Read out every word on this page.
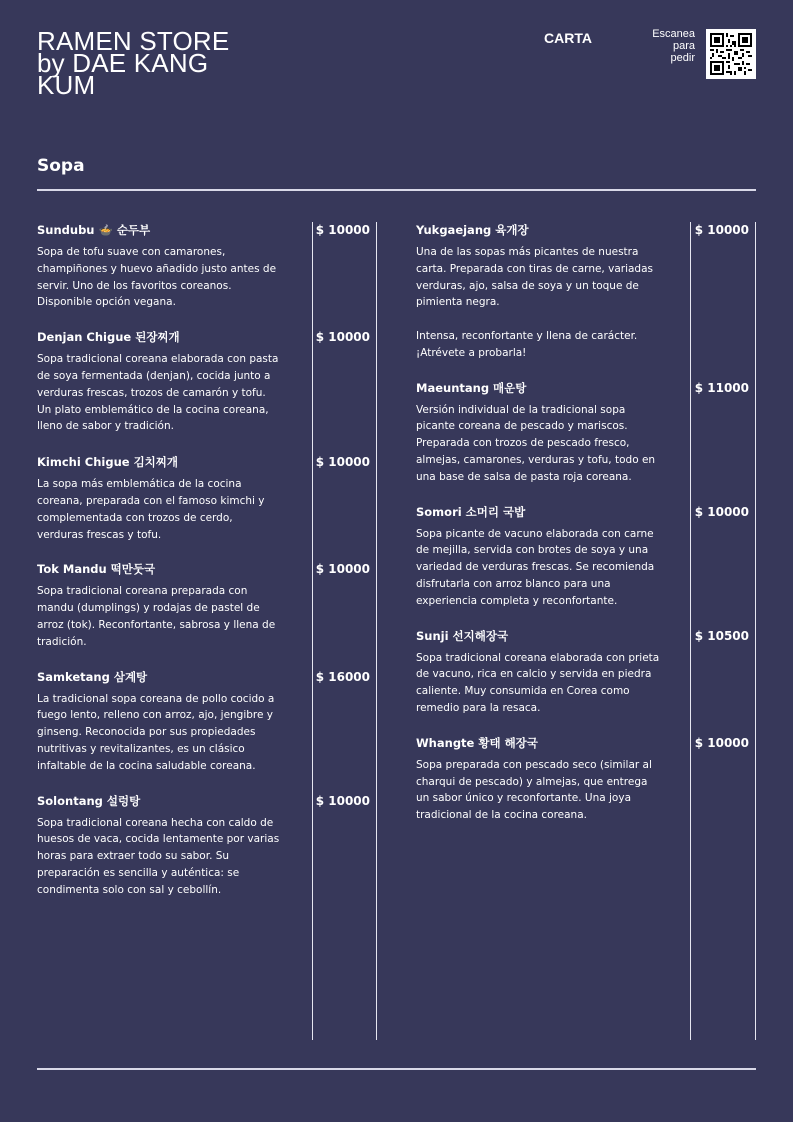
RAMEN STORE
by DAE KANG
KUM
CARTA	Escanea
para
pedir
Sopa
Sundubu 🍲 순두부	$ 10000
Sopa de tofu suave con camarones, champiñones y huevo añadido justo antes de servir. Uno de los favoritos coreanos.
Disponible opción vegana.
Denjan Chigue 된장찌개	$ 10000
Sopa tradicional coreana elaborada con pasta de soya fermentada (denjan), cocida junto a verduras frescas, trozos de camarón y tofu. Un plato emblemático de la cocina coreana, lleno de sabor y tradición.
Kimchi Chigue 김치찌개	$ 10000
La sopa más emblemática de la cocina coreana, preparada con el famoso kimchi y complementada con trozos de cerdo, verduras frescas y tofu.
Tok Mandu 떡만둣국	$ 10000
Sopa tradicional coreana preparada con mandu (dumplings) y rodajas de pastel de arroz (tok). Reconfortante, sabrosa y llena de tradición.
Samketang 삼계탕	$ 16000
La tradicional sopa coreana de pollo cocido a fuego lento, relleno con arroz, ajo, jengibre y ginseng. Reconocida por sus propiedades nutritivas y revitalizantes, es un clásico infaltable de la cocina saludable coreana.
Solontang 설렁탕	$ 10000
Sopa tradicional coreana hecha con caldo de huesos de vaca, cocida lentamente por varias horas para extraer todo su sabor. Su preparación es sencilla y auténtica: se condimenta solo con sal y cebollín.
Yukgaejang 육개장	$ 10000
Una de las sopas más picantes de nuestra carta. Preparada con tiras de carne, variadas verduras, ajo, salsa de soya y un toque de pimienta negra.

Intensa, reconfortante y llena de carácter. ¡Atrévete a probarla!
Maeuntang 매운탕	$ 11000
Versión individual de la tradicional sopa picante coreana de pescado y mariscos. Preparada con trozos de pescado fresco, almejas, camarones, verduras y tofu, todo en una base de salsa de pasta roja coreana.
Somori 소머리 국밥	$ 10000
Sopa picante de vacuno elaborada con carne de mejilla, servida con brotes de soya y una variedad de verduras frescas. Se recomienda disfrutarla con arroz blanco para una experiencia completa y reconfortante.
Sunji 선지해장국	$ 10500
Sopa tradicional coreana elaborada con prieta de vacuno, rica en calcio y servida en piedra caliente. Muy consumida en Corea como remedio para la resaca.
Whangte 황태 해장국	$ 10000
Sopa preparada con pescado seco (similar al charqui de pescado) y almejas, que entrega un sabor único y reconfortante. Una joya tradicional de la cocina coreana.
